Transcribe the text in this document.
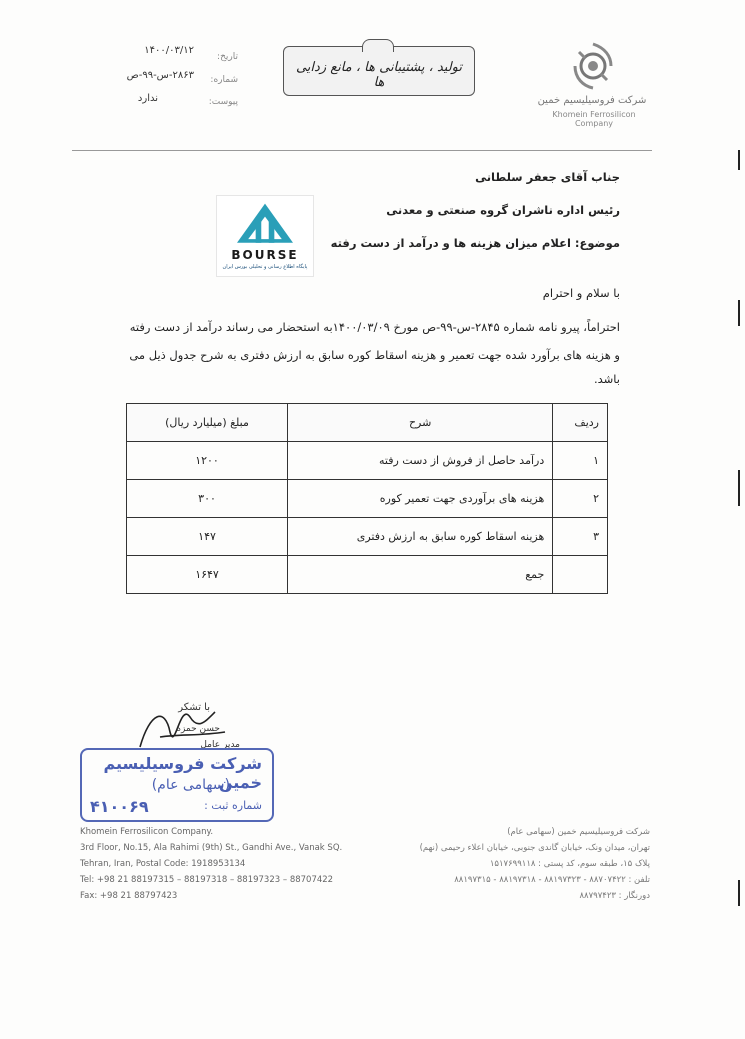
۱۴۰۰/۰۳/۱۲
۲۸۶۳-س-۹۹-ص
ندارد
تاریخ:
شماره:
پیوست:
تولید ، پشتیبانی ها ، مانع زدایی ها
شرکت فروسیلیسیم خمین
Khomein Ferrosilicon Company
جناب آقای جعفر سلطانی
رئیس اداره ناشران گروه صنعتی و معدنی
موضوع: اعلام میزان هزینه ها و درآمد از دست رفته
BOURSE
پایگاه اطلاع رسانی و تحلیلی بورس ایران
با سلام و احترام
احتراماً، پیرو نامه شماره ۲۸۴۵-س-۹۹-ص مورخ ۱۴۰۰/۰۳/۰۹به استحضار می رساند درآمد از دست رفته
و هزینه های برآورد شده جهت تعمیر و هزینه اسقاط کوره سابق به ارزش دفتری به شرح جدول ذیل می
باشد.
ردیف	شرح	مبلغ (میلیارد ریال)
۱	درآمد حاصل از فروش از دست رفته	۱۲۰۰
۲	هزینه های برآوردی جهت تعمیر کوره	۳۰۰
۳	هزینه اسقاط کوره سابق به ارزش دفتری	۱۴۷
	جمع	۱۶۴۷
با تشکر
حسن حمزه
مدیر عامل
شرکت فروسیلیسیم خمین
(سهامی عام)
شماره ثبت :
۴۱۰۰۶۹
Khomein Ferrosilicon Company.
3rd Floor, No.15, Ala Rahimi (9th) St., Gandhi Ave., Vanak SQ.
Tehran, Iran, Postal Code: 1918953134
Tel: +98 21 88197315 – 88197318 – 88197323 – 88707422
Fax: +98 21 88797423
شرکت فروسیلیسیم خمین (سهامی عام)
تهران، میدان ونک، خیابان گاندی جنوبی، خیابان اعلاء رحیمی (نهم)
پلاک ۱۵، طبقه سوم، کد پستی : ۱۵۱۷۶۹۹۱۱۸
تلفن : ۸۸۷۰۷۴۲۲ - ۸۸۱۹۷۳۲۳ - ۸۸۱۹۷۳۱۸ - ۸۸۱۹۷۳۱۵
دورنگار : ۸۸۷۹۷۴۲۳
